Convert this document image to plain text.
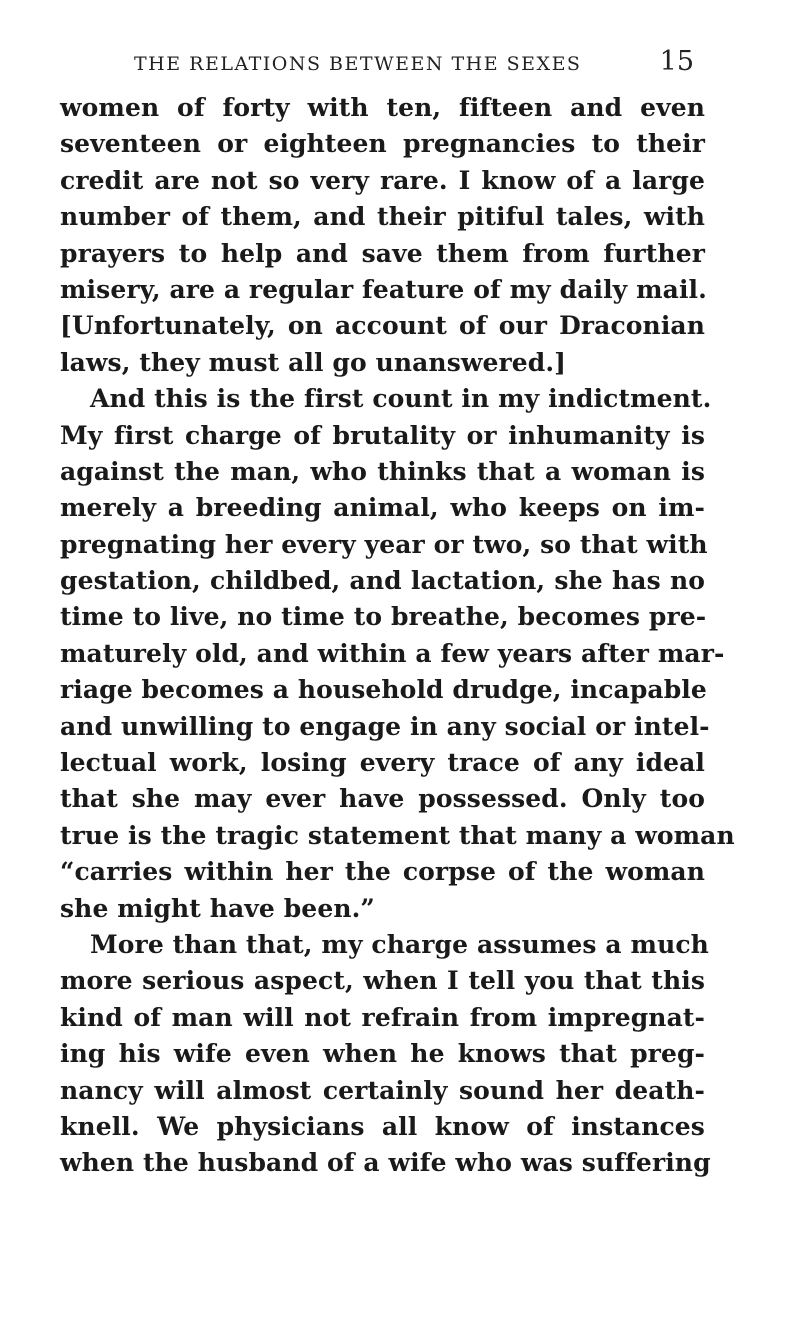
THE RELATIONS BETWEEN THE SEXES	15
women of forty with ten, fifteen and even
seventeen or eighteen pregnancies to their
credit are not so very rare. I know of a large
number of them, and their pitiful tales, with
prayers to help and save them from further
misery, are a regular feature of my daily mail.
[Unfortunately, on account of our Draconian
laws, they must all go unanswered.]
And this is the first count in my indictment.
My first charge of brutality or inhumanity is
against the man, who thinks that a woman is
merely a breeding animal, who keeps on im-
pregnating her every year or two, so that with
gestation, childbed, and lactation, she has no
time to live, no time to breathe, becomes pre-
maturely old, and within a few years after mar-
riage becomes a household drudge, incapable
and unwilling to engage in any social or intel-
lectual work, losing every trace of any ideal
that she may ever have possessed. Only too
true is the tragic statement that many a woman
“carries within her the corpse of the woman
she might have been.”
More than that, my charge assumes a much
more serious aspect, when I tell you that this
kind of man will not refrain from impregnat-
ing his wife even when he knows that preg-
nancy will almost certainly sound her death-
knell. We physicians all know of instances
when the husband of a wife who was suffering
